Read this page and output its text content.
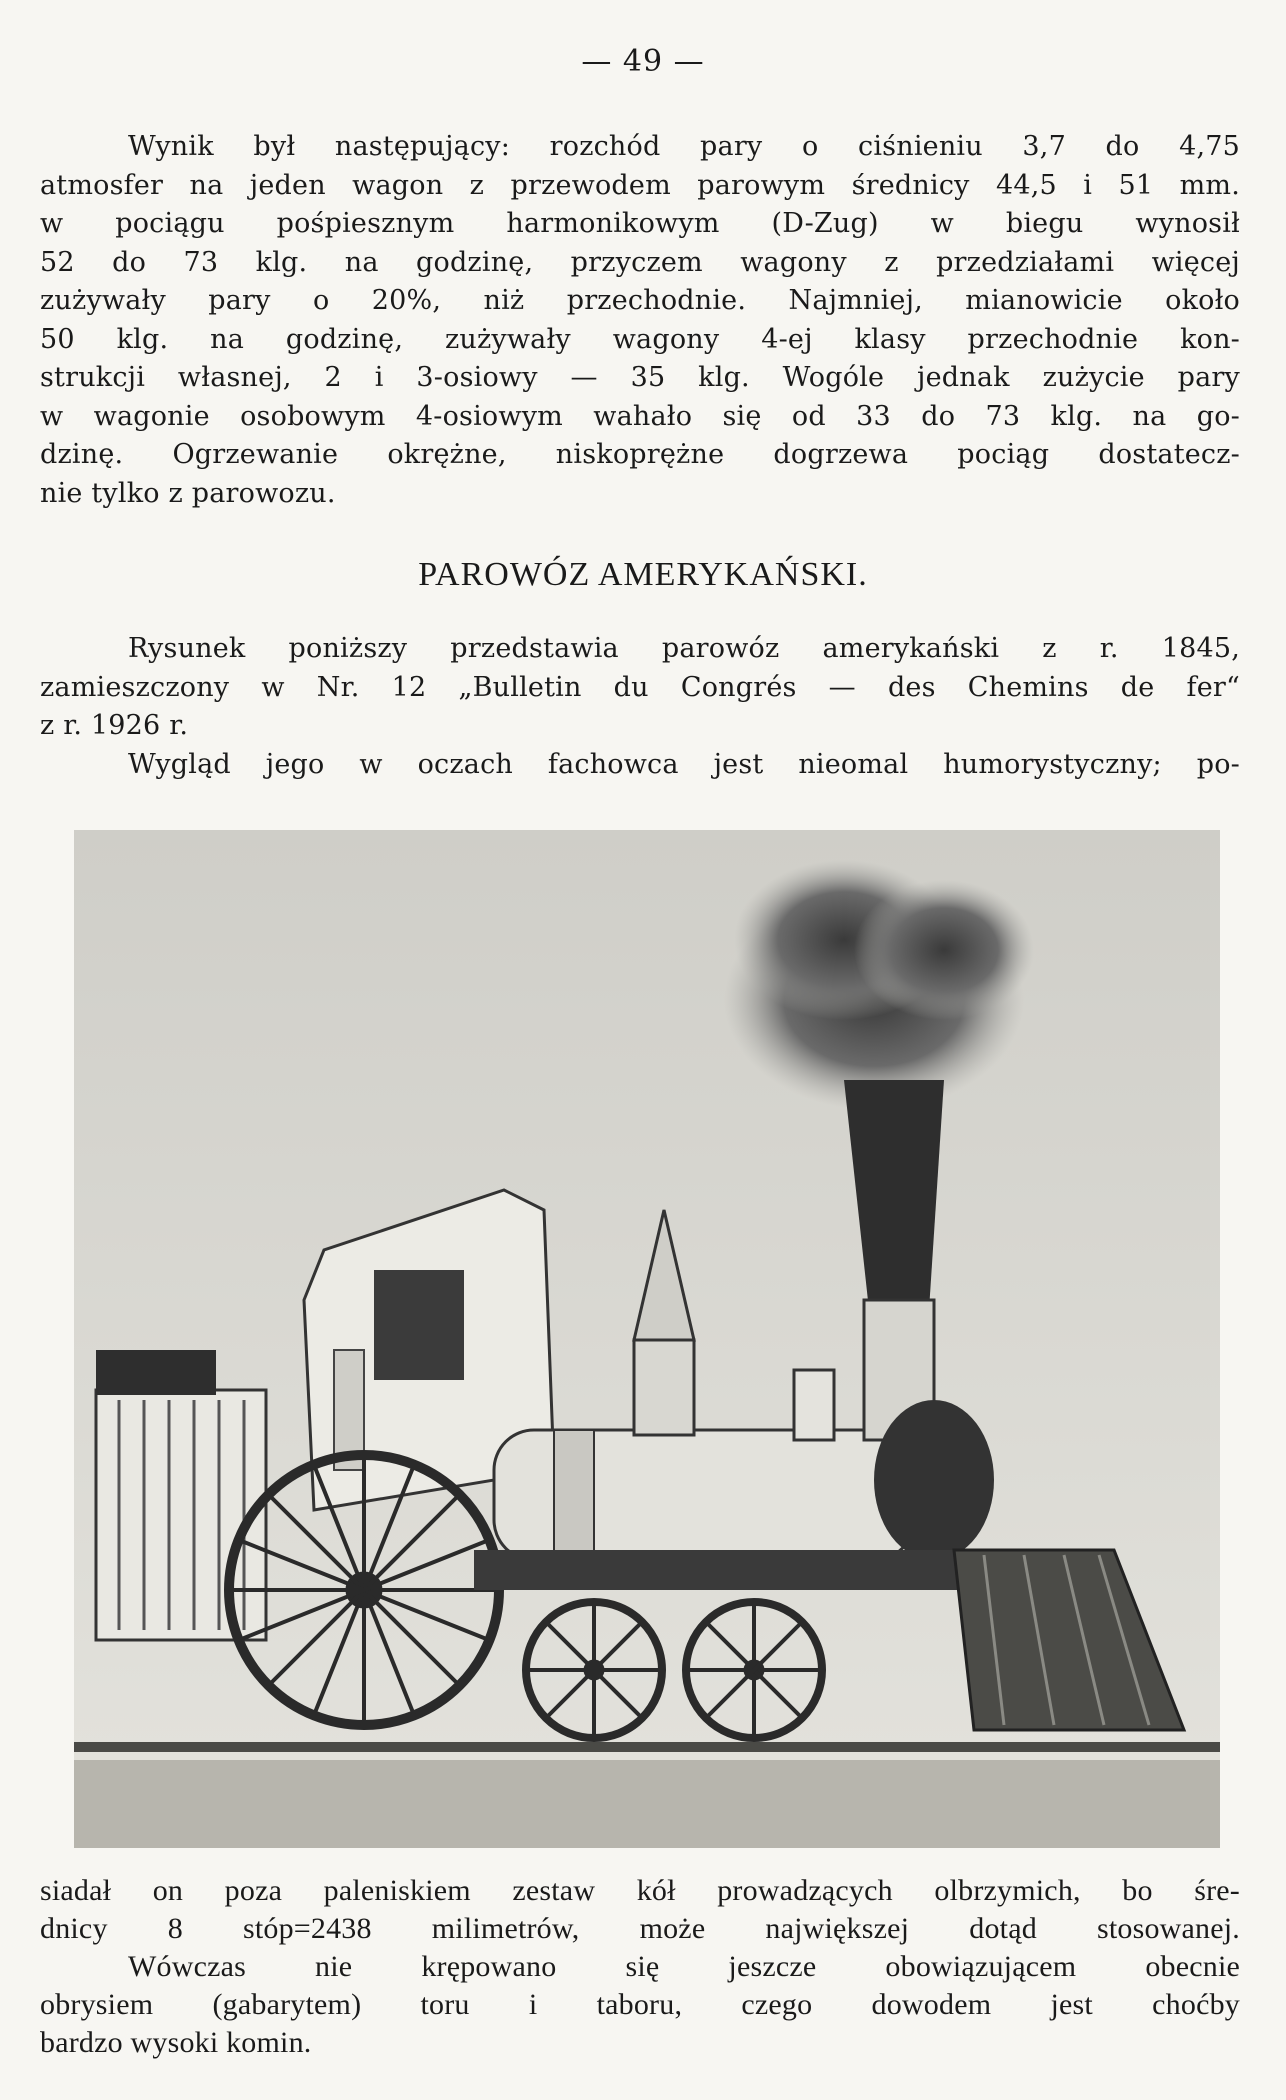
— 49 —
Wynik był następujący: rozchód pary o ciśnieniu 3,7 do 4,75
atmosfer na jeden wagon z przewodem parowym średnicy 44,5 i 51 mm.
w pociągu pośpiesznym harmonikowym (D-Zug) w biegu wynosił
52 do 73 klg. na godzinę, przyczem wagony z przedziałami więcej
zużywały pary o 20%, niż przechodnie. Najmniej, mianowicie około
50 klg. na godzinę, zużywały wagony 4-ej klasy przechodnie kon-
strukcji własnej, 2 i 3-osiowy — 35 klg. Wogóle jednak zużycie pary
w wagonie osobowym 4-osiowym wahało się od 33 do 73 klg. na go-
dzinę. Ogrzewanie okrężne, niskoprężne dogrzewa pociąg dostatecz-
nie tylko z parowozu.
PAROWÓZ AMERYKAŃSKI.
Rysunek poniższy przedstawia parowóz amerykański z r. 1845,
zamieszczony w Nr. 12 „Bulletin du Congrés — des Chemins de fer“
z r. 1926 r.
Wygląd jego w oczach fachowca jest nieomal humorystyczny; po-
siadał on poza paleniskiem zestaw kół prowadzących olbrzymich, bo śre-
dnicy 8 stóp=2438 milimetrów, może największej dotąd stosowanej.
Wówczas nie krępowano się jeszcze obowiązującem obecnie
obrysiem (gabarytem) toru i taboru, czego dowodem jest choćby
bardzo wysoki komin.
